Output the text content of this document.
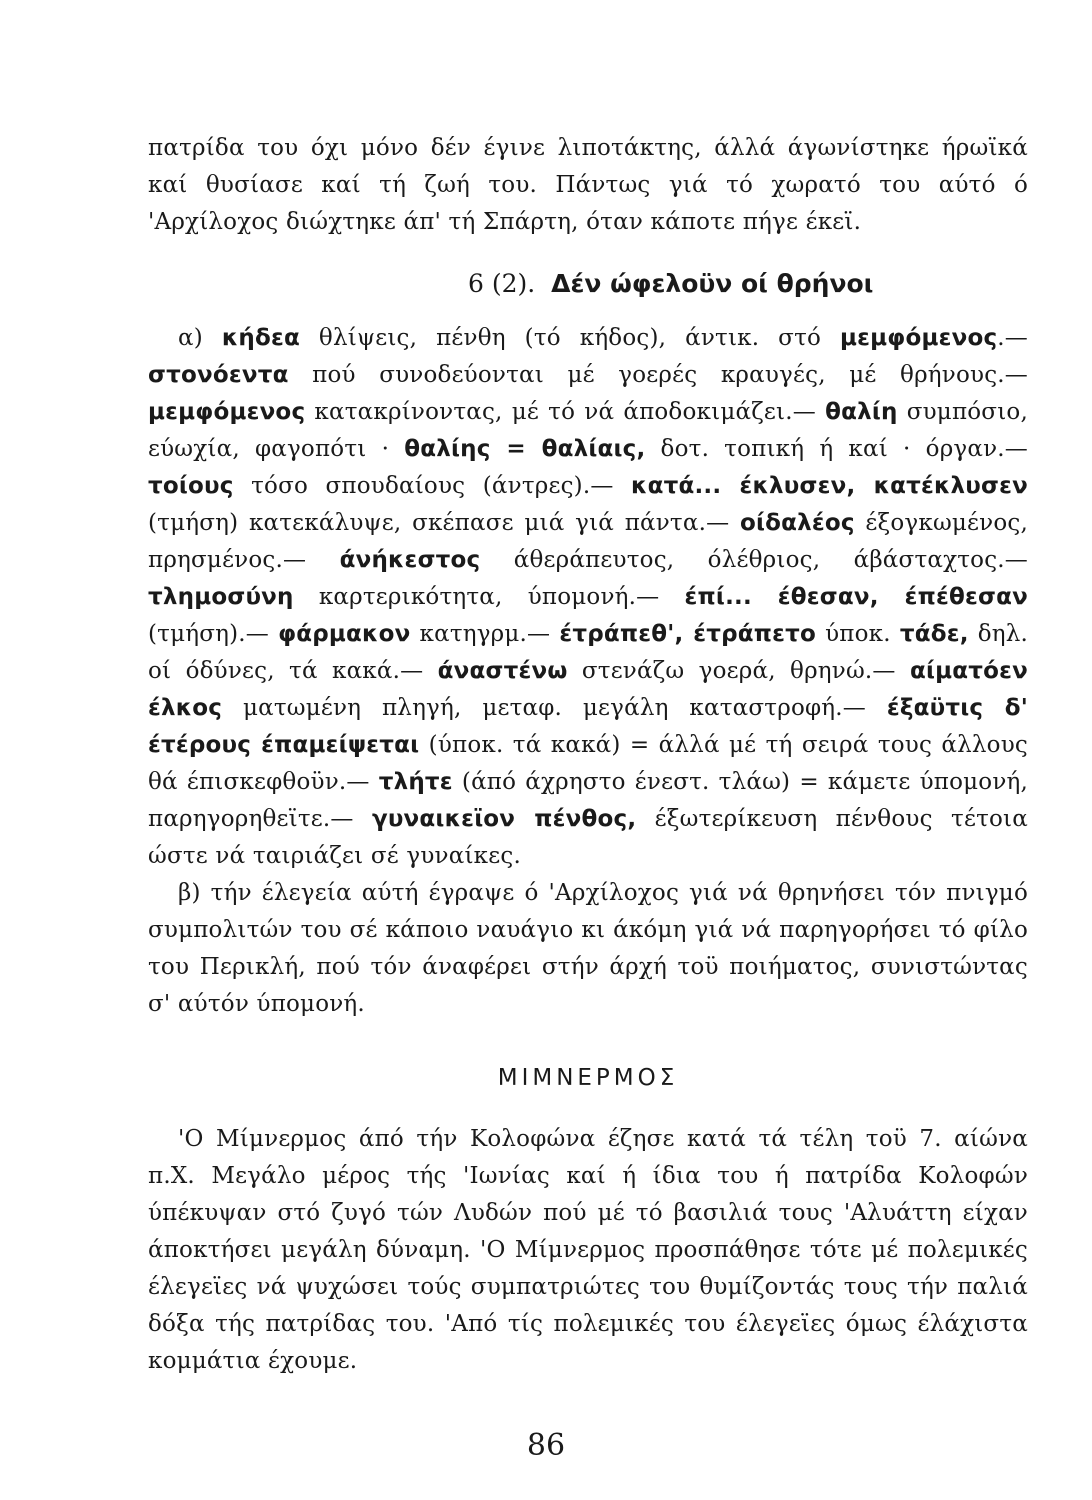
πατρίδα του όχι μόνο δέν έγινε λιποτάκτης, άλλά άγωνίστηκε ήρωϊκά καί θυσίασε καί τή ζωή του. Πάντως γιά τό χωρατό του αύτό ό 'Αρχίλοχος διώχτηκε άπ' τή Σπάρτη, όταν κάποτε πήγε έκεϊ.

6 (2). Δέν ώφελοϋν οί θρήνοι

α) κήδεα θλίψεις, πένθη (τό κήδος), άντικ. στό μεμφόμενος.— στονόεντα πού συνοδεύονται μέ γοερές κραυγές, μέ θρήνους.— μεμφόμενος κατακρίνοντας, μέ τό νά άποδοκιμάζει.— θαλίη συμπόσιο, εύωχία, φαγοπότι · θαλίης = θαλίαις, δοτ. τοπική ή καί · όργαν.— τοίους τόσο σπουδαίους (άντρες).— κατά... έκλυσεν, κατέκλυσεν (τμήση) κατεκάλυψε, σκέπασε μιά γιά πάντα.— οίδαλέος έξογκωμένος, πρησμένος.— άνήκεστος άθεράπευτος, όλέθριος, άβάσταχτος.— τλημοσύνη καρτερικότητα, ύπομονή.— έπί... έθεσαν, έπέθεσαν (τμήση).— φάρμακον κατηγρμ.— έτράπεθ', έτράπετο ύποκ. τάδε, δηλ. οί όδύνες, τά κακά.— άναστένω στενάζω γοερά, θρηνώ.— αίματόεν έλκος ματωμένη πληγή, μεταφ. μεγάλη καταστροφή.— έξαϋτις δ' έτέρους έπαμείψεται (ύποκ. τά κακά) = άλλά μέ τή σειρά τους άλλους θά έπισκεφθοϋν.— τλήτε (άπό άχρηστο ένεστ. τλάω) = κάμετε ύπομονή, παρηγορηθεϊτε.— γυναικεϊον πένθος, έξωτερίκευση πένθους τέτοια ώστε νά ταιριάζει σέ γυναίκες.

β) τήν έλεγεία αύτή έγραψε ό 'Αρχίλοχος γιά νά θρηνήσει τόν πνιγμό συμπολιτών του σέ κάποιο ναυάγιο κι άκόμη γιά νά παρηγορήσει τό φίλο του Περικλή, πού τόν άναφέρει στήν άρχή τοϋ ποιήματος, συνιστώντας σ' αύτόν ύπομονή.

ΜΙΜΝΕΡΜΟΣ

'Ο Μίμνερμος άπό τήν Κολοφώνα έζησε κατά τά τέλη τοϋ 7. αίώνα π.Χ. Μεγάλο μέρος τής 'Ιωνίας καί ή ίδια του ή πατρίδα Κολοφών ύπέκυψαν στό ζυγό τών Λυδών πού μέ τό βασιλιά τους 'Αλυάττη είχαν άποκτήσει μεγάλη δύναμη. 'Ο Μίμνερμος προσπάθησε τότε μέ πολεμικές έλεγεϊες νά ψυχώσει τούς συμπατριώτες του θυμίζοντάς τους τήν παλιά δόξα τής πατρίδας του. 'Από τίς πολεμικές του έλεγεϊες όμως έλάχιστα κομμάτια έχουμε.

86
